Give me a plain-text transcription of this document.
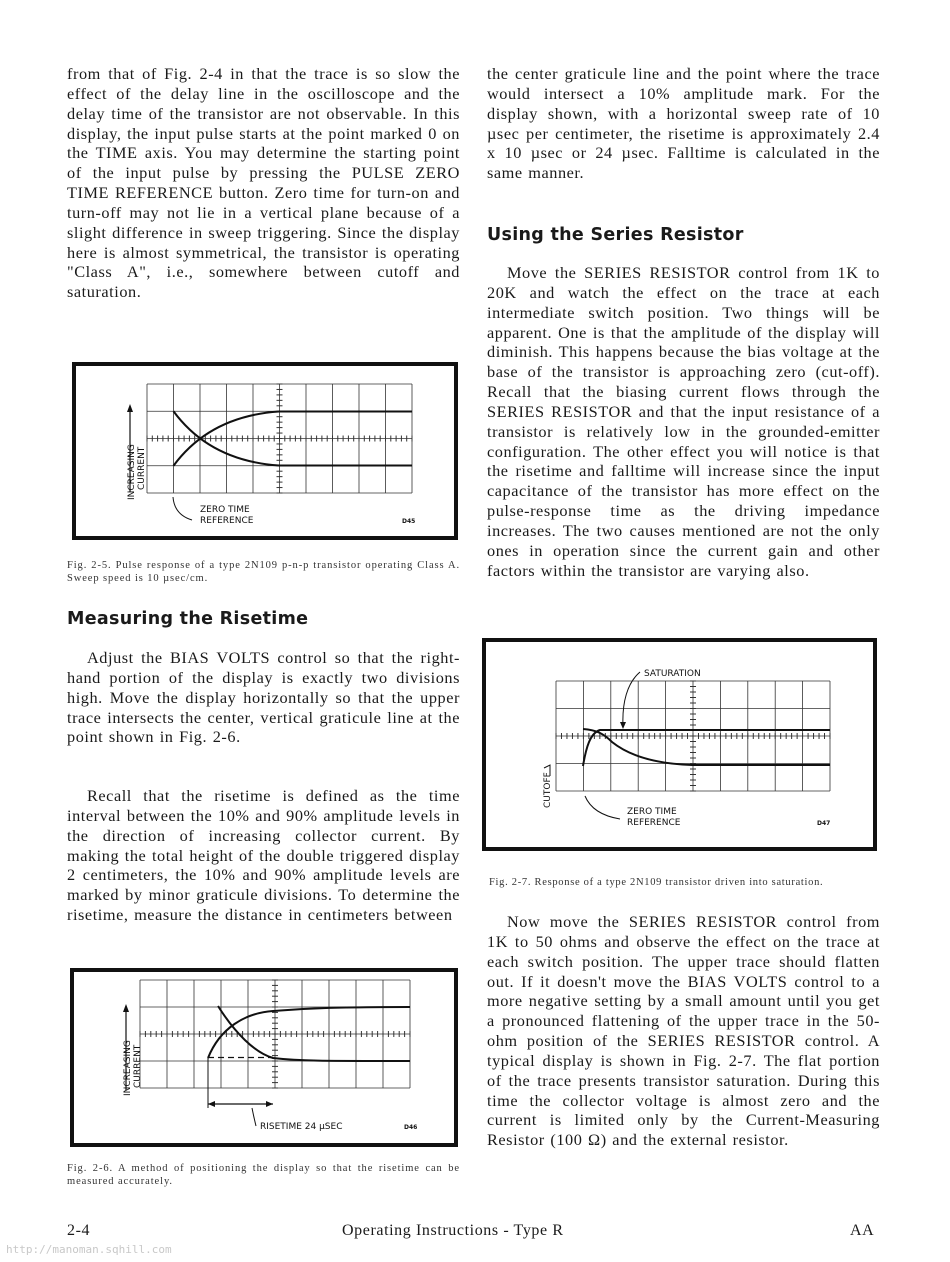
from that of Fig. 2-4 in that the trace is so slow the effect of the delay line in the oscilloscope and the delay time of the transistor are not observable. In this display, the input pulse starts at the point marked 0 on the TIME axis. You may determine the starting point of the input pulse by pressing the PULSE ZERO TIME REFERENCE button. Zero time for turn-on and turn-off may not lie in a vertical plane because of a slight difference in sweep triggering. Since the display here is almost symmetrical, the transistor is operating "Class A", i.e., somewhere between cutoff and saturation.

INCREASING CURRENT
ZERO TIME
REFERENCE	D45
Fig. 2-5. Pulse response of a type 2N109 p-n-p transistor operating Class A. Sweep speed is 10 µsec/cm.
Measuring the Risetime

Adjust the BIAS VOLTS control so that the right-hand portion of the display is exactly two divisions high. Move the display horizontally so that the upper trace intersects the center, vertical graticule line at the point shown in Fig. 2-6.

Recall that the risetime is defined as the time interval between the 10% and 90% amplitude levels in the direction of increasing collector current. By making the total height of the double triggered display 2 centimeters, the 10% and 90% amplitude levels are marked by minor graticule divisions. To determine the risetime, measure the distance in centimeters between

INCREASING CURRENT
RISETIME 24 µSEC	D46
Fig. 2-6. A method of positioning the display so that the risetime can be measured accurately.

the center graticule line and the point where the trace would intersect a 10% amplitude mark. For the display shown, with a horizontal sweep rate of 10 µsec per centimeter, the risetime is approximately 2.4 x 10 µsec or 24 µsec. Falltime is calculated in the same manner.

Using the Series Resistor

Move the SERIES RESISTOR control from 1K to 20K and watch the effect on the trace at each intermediate switch position. Two things will be apparent. One is that the amplitude of the display will diminish. This happens because the bias voltage at the base of the transistor is approaching zero (cut-off). Recall that the biasing current flows through the SERIES RESISTOR and that the input resistance of a transistor is relatively low in the grounded-emitter configuration. The other effect you will notice is that the risetime and falltime will increase since the input capacitance of the transistor has more effect on the pulse-response time as the driving impedance increases. The two causes mentioned are not the only ones in operation since the current gain and other factors within the transistor are varying also.

SATURATION
CUTOFF
ZERO TIME
REFERENCE	D47
Fig. 2-7. Response of a type 2N109 transistor driven into saturation.

Now move the SERIES RESISTOR control from 1K to 50 ohms and observe the effect on the trace at each switch position. The upper trace should flatten out. If it doesn't move the BIAS VOLTS control to a more negative setting by a small amount until you get a pronounced flattening of the upper trace in the 50-ohm position of the SERIES RESISTOR control. A typical display is shown in Fig. 2-7. The flat portion of the trace presents transistor saturation. During this time the collector voltage is almost zero and the current is limited only by the Current-Measuring Resistor (100 Ω) and the external resistor.

2-4	Operating Instructions - Type R	AA
http://manoman.sqhill.com
